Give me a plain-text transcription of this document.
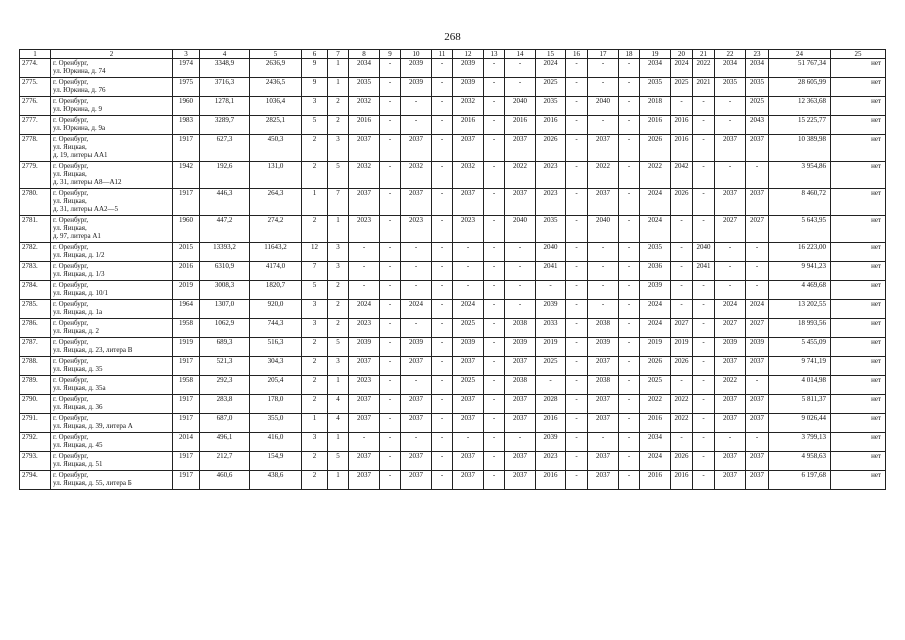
268
1	2	3	4	5	6	7	8	9	10	11	12	13	14	15	16	17	18	19	20	21	22	23	24	25
2774.	г. Оренбург,
ул. Юркина, д. 74	1974	3348,9	2636,9	9	1	2034	-	2039	-	2039	-	-	2024	-	-	-	2034	2024	2022	2034	2034	51 767,34	нет
2775.	г. Оренбург,
ул. Юркина, д. 76	1975	3716,3	2436,5	9	1	2035	-	2039	-	2039	-	-	2025	-	-	-	2035	2025	2021	2035	2035	28 605,99	нет
2776.	г. Оренбург,
ул. Юркина, д. 9	1960	1278,1	1036,4	3	2	2032	-	-	-	2032	-	2040	2035	-	2040	-	2018	-	-	-	2025	12 363,68	нет
2777.	г. Оренбург,
ул. Юркина, д. 9а	1983	3289,7	2825,1	5	2	2016	-	-	-	2016	-	2016	2016	-	-	-	2016	2016	-	-	2043	15 225,77	нет
2778.	г. Оренбург,
ул. Яицкая,
д. 19, литеры АА1	1917	627,3	450,3	2	3	2037	-	2037	-	2037	-	2037	2026	-	2037	-	2026	2016	-	2037	2037	10 389,98	нет
2779.	г. Оренбург,
ул. Яицкая,
д. 31, литеры А8—А12	1942	192,6	131,0	2	5	2032	-	2032	-	2032	-	2022	2023	-	2022	-	2022	2042	-	-	-	3 954,86	нет
2780.	г. Оренбург,
ул. Яицкая,
д. 31, литеры АА2—5	1917	446,3	264,3	1	7	2037	-	2037	-	2037	-	2037	2023	-	2037	-	2024	2026	-	2037	2037	8 460,72	нет
2781.	г. Оренбург,
ул. Яицкая,
д. 97, литера А1	1960	447,2	274,2	2	1	2023	-	2023	-	2023	-	2040	2035	-	2040	-	2024	-	-	2027	2027	5 643,95	нет
2782.	г. Оренбург,
ул. Яицкая, д. 1/2	2015	13393,2	11643,2	12	3	-	-	-	-	-	-	-	2040	-	-	-	2035	-	2040	-	-	16 223,00	нет
2783.	г. Оренбург,
ул. Яицкая, д. 1/3	2016	6310,9	4174,0	7	3	-	-	-	-	-	-	-	2041	-	-	-	2036	-	2041	-	-	9 941,23	нет
2784.	г. Оренбург,
ул. Яицкая, д. 10/1	2019	3008,3	1820,7	5	2	-	-	-	-	-	-	-	-	-	-	-	2039	-	-	-	-	4 469,68	нет
2785.	г. Оренбург,
ул. Яицкая, д. 1а	1964	1307,0	920,0	3	2	2024	-	2024	-	2024	-	-	2039	-	-	-	2024	-	-	2024	2024	13 202,55	нет
2786.	г. Оренбург,
ул. Яицкая, д. 2	1958	1062,9	744,3	3	2	2023	-	-	-	2025	-	2038	2033	-	2038	-	2024	2027	-	2027	2027	18 993,56	нет
2787.	г. Оренбург,
ул. Яицкая, д. 23, литера В	1919	689,3	516,3	2	5	2039	-	2039	-	2039	-	2039	2019	-	2039	-	2019	2019	-	2039	2039	5 455,09	нет
2788.	г. Оренбург,
ул. Яицкая, д. 35	1917	521,3	304,3	2	3	2037	-	2037	-	2037	-	2037	2025	-	2037	-	2026	2026	-	2037	2037	9 741,19	нет
2789.	г. Оренбург,
ул. Яицкая, д. 35а	1958	292,3	205,4	2	1	2023	-	-	-	2025	-	2038	-	-	2038	-	2025	-	-	2022	-	4 014,98	нет
2790.	г. Оренбург,
ул. Яицкая, д. 36	1917	283,8	178,0	2	4	2037	-	2037	-	2037	-	2037	2028	-	2037	-	2022	2022	-	2037	2037	5 811,37	нет
2791.	г. Оренбург,
ул. Яицкая, д. 39, литера А	1917	687,0	355,0	1	4	2037	-	2037	-	2037	-	2037	2016	-	2037	-	2016	2022	-	2037	2037	9 026,44	нет
2792.	г. Оренбург,
ул. Яицкая, д. 45	2014	496,1	416,0	3	1	-	-	-	-	-	-	-	2039	-	-	-	2034	-	-	-	-	3 799,13	нет
2793.	г. Оренбург,
ул. Яицкая, д. 51	1917	212,7	154,9	2	5	2037	-	2037	-	2037	-	2037	2023	-	2037	-	2024	2026	-	2037	2037	4 958,63	нет
2794.	г. Оренбург,
ул. Яицкая, д. 55, литера Б	1917	460,6	438,6	2	1	2037	-	2037	-	2037	-	2037	2016	-	2037	-	2016	2016	-	2037	2037	6 197,68	нет
